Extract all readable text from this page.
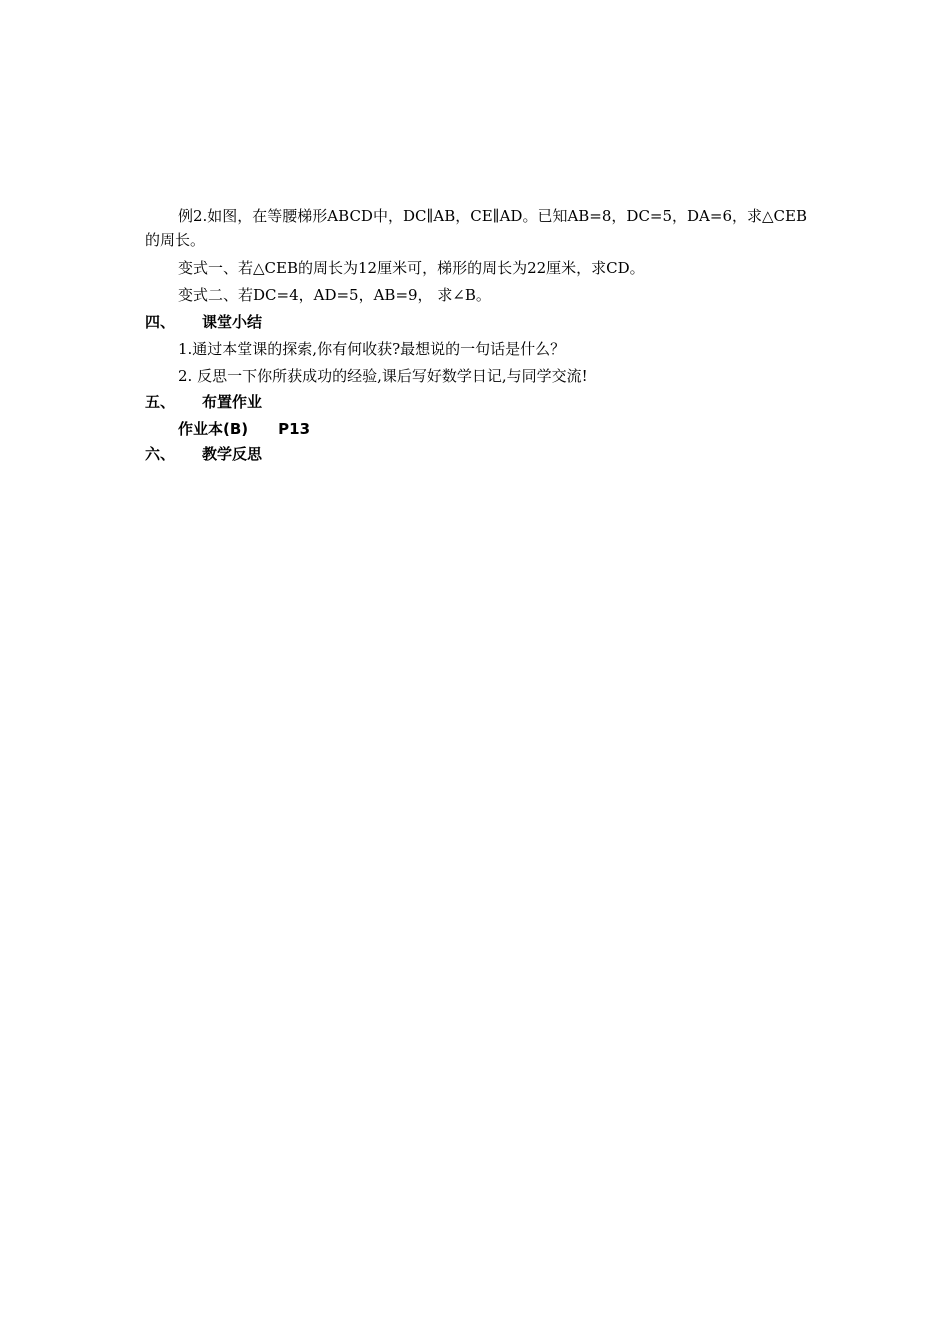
例2.如图，在等腰梯形ABCD中，DC∥AB，CE∥AD。已知AB=8，DC=5，DA=6，求△CEB
的周长。
变式一、若△CEB的周长为12厘米可，梯形的周长为22厘米，求CD。
变式二、若DC=4，AD=5，AB=9， 求∠B。
四、 课堂小结
1.通过本堂课的探索,你有何收获?最想说的一句话是什么？
2. 反思一下你所获成功的经验,课后写好数学日记,与同学交流!
五、 布置作业
作业本(B) P13
六、 教学反思
